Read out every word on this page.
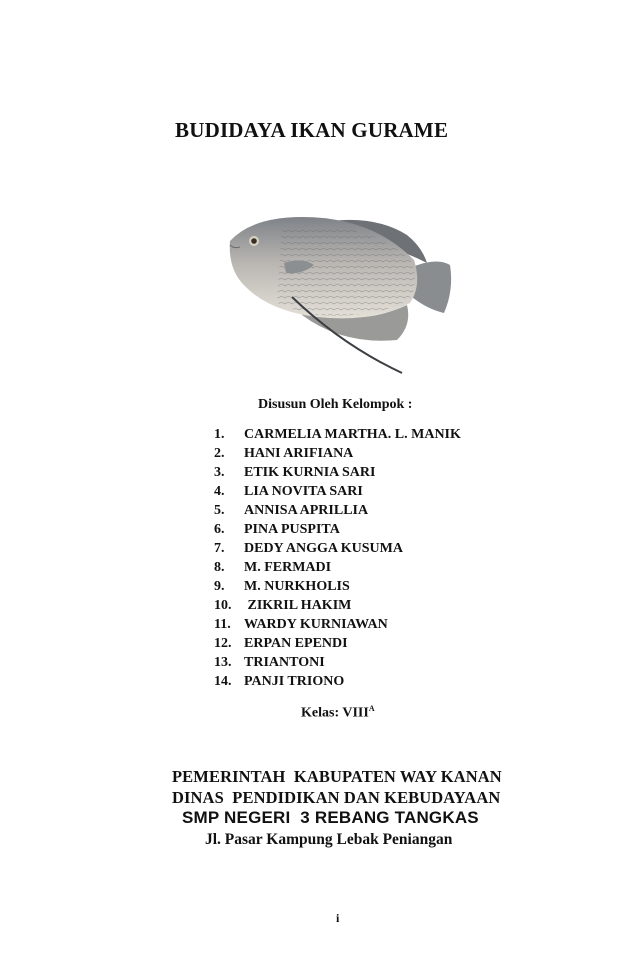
BUDIDAYA IKAN GURAME
Disusun Oleh Kelompok :
1. CARMELIA MARTHA. L. MANIK
2. HANI ARIFIANA
3. ETIK KURNIA SARI
4. LIA NOVITA SARI
5. ANNISA APRILLIA
6. PINA PUSPITA
7. DEDY ANGGA KUSUMA
8. M. FERMADI
9. M. NURKHOLIS
10. ZIKRIL HAKIM
11. WARDY KURNIAWAN
12. ERPAN EPENDI
13. TRIANTONI
14. PANJI TRIONO
Kelas: $VIII^A$
PEMERINTAH  KABUPATEN WAY KANAN
DINAS  PENDIDIKAN DAN KEBUDAYAAN
SMP NEGERI  3 REBANG TANGKAS
Jl. Pasar Kampung Lebak Peniangan
i
